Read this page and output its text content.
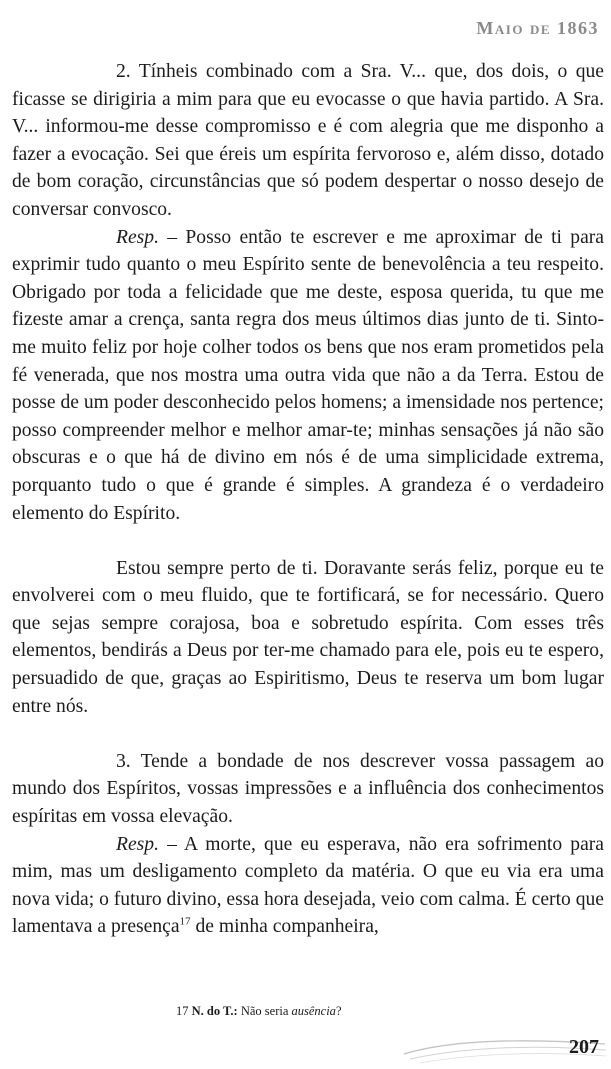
Maio de 1863

2. Tínheis combinado com a Sra. V... que, dos dois, o que ficasse se dirigiria a mim para que eu evocasse o que havia partido. A Sra. V... informou-me desse compromisso e é com alegria que me disponho a fazer a evocação. Sei que éreis um espírita fervoroso e, além disso, dotado de bom coração, circunstâncias que só podem despertar o nosso desejo de conversar convosco.

Resp. – Posso então te escrever e me aproximar de ti para exprimir tudo quanto o meu Espírito sente de benevolência a teu respeito. Obrigado por toda a felicidade que me deste, esposa querida, tu que me fizeste amar a crença, santa regra dos meus últimos dias junto de ti. Sinto-me muito feliz por hoje colher todos os bens que nos eram prometidos pela fé venerada, que nos mostra uma outra vida que não a da Terra. Estou de posse de um poder desconhecido pelos homens; a imensidade nos pertence; posso compreender melhor e melhor amar-te; minhas sensações já não são obscuras e o que há de divino em nós é de uma simplicidade extrema, porquanto tudo o que é grande é simples. A grandeza é o verdadeiro elemento do Espírito.

Estou sempre perto de ti. Doravante serás feliz, porque eu te envolverei com o meu fluido, que te fortificará, se for necessário. Quero que sejas sempre corajosa, boa e sobretudo espírita. Com esses três elementos, bendirás a Deus por ter-me chamado para ele, pois eu te espero, persuadido de que, graças ao Espiritismo, Deus te reserva um bom lugar entre nós.

3. Tende a bondade de nos descrever vossa passagem ao mundo dos Espíritos, vossas impressões e a influência dos conhecimentos espíritas em vossa elevação.

Resp. – A morte, que eu esperava, não era sofrimento para mim, mas um desligamento completo da matéria. O que eu via era uma nova vida; o futuro divino, essa hora desejada, veio com calma. É certo que lamentava a presença$^{17}$ de minha companheira,

17 N. do T.: Não seria ausência?
207
